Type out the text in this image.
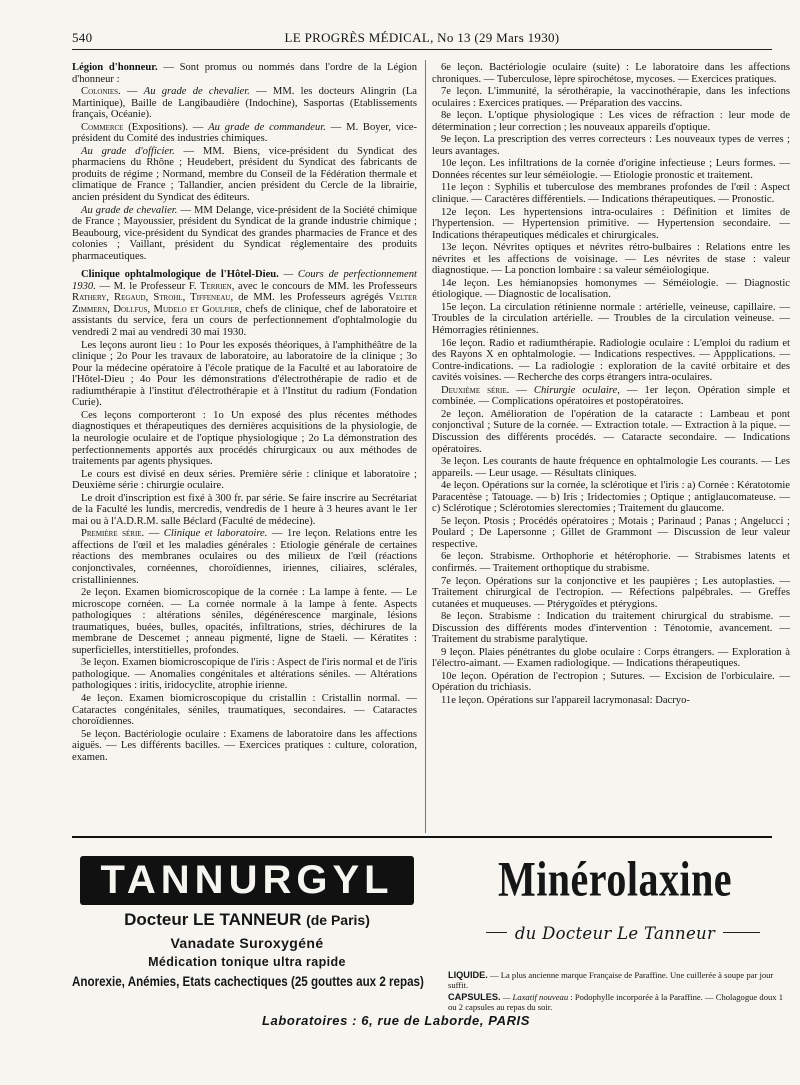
540	LE PROGRÈS MÉDICAL, No 13 (29 Mars 1930)

Légion d'honneur. — Sont promus ou nommés dans l'ordre de la Légion d'honneur :

Colonies. — Au grade de chevalier. — MM. les docteurs Alingrin (La Martinique), Baille de Langibaudière (Indochine), Sasportas (Etablissements français, Océanie).

Commerce (Expositions). — Au grade de commandeur. — M. Boyer, vice-président du Comité des industries chimiques.

Au grade d'officier. — MM. Biens, vice-président du Syndicat des pharmaciens du Rhône ; Heudebert, président du Syndicat des fabricants de produits de régime ; Normand, membre du Conseil de la Fédération thermale et climatique de France ; Tallandier, ancien président du Cercle de la librairie, ancien président du Syndicat des éditeurs.

Au grade de chevalier. — MM Delange, vice-président de la Société chimique de France ; Mayoussier, président du Syndicat de la grande industrie chimique ; Beaubourg, vice-président du Syndicat des grandes pharmacies de France et des colonies ; Vaillant, président du Syndicat réglementaire des produits pharmaceutiques.

Clinique ophtalmologique de l'Hôtel-Dieu. — Cours de perfectionnement 1930. — M. le Professeur F. Terrien, avec le concours de MM. les Professeurs Rathery, Regaud, Strohl, Tiffeneau, de MM. les Professeurs agrégés Velter Zimmern, Dollfus, Mudelo et Goulfier, chefs de clinique, chef de laboratoire et assistants du service, fera un cours de perfectionnement d'ophtalmologie du vendredi 2 mai au vendredi 30 mai 1930.

Les leçons auront lieu : 1o Pour les exposés théoriques, à l'amphithéâtre de la clinique ; 2o Pour les travaux de laboratoire, au laboratoire de la clinique ; 3o Pour la médecine opératoire à l'école pratique de la Faculté et au laboratoire de l'Hôtel-Dieu ; 4o Pour les démonstrations d'électrothérapie de radio et de radiumthérapie à l'institut d'électrothérapie et à l'Institut du radium (Fondation Curie).

Ces leçons comporteront : 1o Un exposé des plus récentes méthodes diagnostiques et thérapeutiques des dernières acquisitions de la physiologie, de la neurologie oculaire et de l'optique physiologique ; 2o La démonstration des perfectionnements apportés aux procédés chirurgicaux ou aux méthodes de traitements par agents physiques.

Le cours est divisé en deux séries. Première série : clinique et laboratoire ; Deuxième série : chirurgie oculaire.

Le droit d'inscription est fixé à 300 fr. par série. Se faire inscrire au Secrétariat de la Faculté les lundis, mercredis, vendredis de 1 heure à 3 heures avant le 1er mai ou à l'A.D.R.M. salle Béclard (Faculté de médecine).

Première série. — Clinique et laboratoire. — 1re leçon. Relations entre les affections de l'œil et les maladies générales : Etiologie générale de certaines réactions des membranes oculaires ou des milieux de l'œil (réactions conjonctivales, cornéennes, choroïdiennes, iriennes, ciliaires, sclérales, cristalliniennes.

2e leçon. Examen biomicroscopique de la cornée : La lampe à fente. — Le microscope cornéen. — La cornée normale à la lampe à fente. Aspects pathologiques : altérations séniles, dégénérescence marginale, lésions traumatiques, buées, bulles, opacités, infiltrations, stries, déchirures de la membrane de Descemet ; anneau pigmenté, ligne de Staeli. — Kératites : superficielles, interstitielles, profondes.

3e leçon. Examen biomicroscopique de l'iris : Aspect de l'iris normal et de l'iris pathologique. — Anomalies congénitales et altérations séniles. — Altérations pathologiques : iritis, iridocyclite, atrophie irienne.

4e leçon. Examen biomicroscopique du cristallin : Cristallin normal. — Cataractes congénitales, séniles, traumatiques, secondaires. — Cataractes choroïdiennes.

5e leçon. Bactériologie oculaire : Examens de laboratoire dans les affections aiguës. — Les différents bacilles. — Exercices pratiques : culture, coloration, examen.

6e leçon. Bactériologie oculaire (suite) : Le laboratoire dans les affections chroniques. — Tuberculose, lèpre spirochétose, mycoses. — Exercices pratiques.

7e leçon. L'immunité, la sérothérapie, la vaccinothérapie, dans les infections oculaires : Exercices pratiques. — Préparation des vaccins.

8e leçon. L'optique physiologique : Les vices de réfraction : leur mode de détermination ; leur correction ; les nouveaux appareils d'optique.

9e leçon. La prescription des verres correcteurs : Les nouveaux types de verres ; leurs avantages.

10e leçon. Les infiltrations de la cornée d'origine infectieuse ; Leurs formes. — Données récentes sur leur séméiologie. — Etiologie pronostic et traitement.

11e leçon : Syphilis et tuberculose des membranes profondes de l'œil : Aspect clinique. — Caractères différentiels. — Indications thérapeutiques. — Pronostic.

12e leçon. Les hypertensions intra-oculaires : Définition et limites de l'hypertension. — Hypertension primitive. — Hypertension secondaire. — Indications thérapeutiques médicales et chirurgicales.

13e leçon. Névrites optiques et névrites rétro-bulbaires : Relations entre les névrites et les affections de voisinage. — Les névrites de stase : valeur diagnostique. — La ponction lombaire : sa valeur séméiologique.

14e leçon. Les hémianopsies homonymes — Séméiologie. — Diagnostic étiologique. — Diagnostic de localisation.

15e leçon. La circulation rétinienne normale : artérielle, veineuse, capillaire. — Troubles de la circulation artérielle. — Troubles de la circulation veineuse. — Hémorragies rétiniennes.

16e leçon. Radio et radiumthérapie. Radiologie oculaire : L'emploi du radium et des Rayons X en ophtalmologie. — Indications respectives. — Appplications. — Contre-indications. — La radiologie : exploration de la cavité orbitaire et des cavités voisines. — Recherche des corps étrangers intra-oculaires.

Deuxième série. — Chirurgie oculaire, — 1er leçon. Opération simple et combinée. — Complications opératoires et postopératoires.

2e leçon. Amélioration de l'opération de la cataracte : Lambeau et pont conjonctival ; Suture de la cornée. — Extraction totale. — Extraction à la pique. — Discussion des différents procédés. — Cataracte secondaire. — Indications opératoires.

3e leçon. Les courants de haute fréquence en ophtalmologie Les courants. — Les appareils. — Leur usage. — Résultats cliniques.

4e leçon. Opérations sur la cornée, la sclérotique et l'iris : a) Cornée : Kératotomie Paracentèse ; Tatouage. — b) Iris ; Iridectomies ; Optique ; antiglaucomateuse. — c) Sclérotique ; Sclérotomies slerectomies ; Traitement du glaucome.

5e leçon. Ptosis ; Procédés opératoires ; Motais ; Parinaud ; Panas ; Angelucci ; Poulard ; De Lapersonne ; Gillet de Grammont — Discussion de leur valeur respective.

6e leçon. Strabisme. Orthophorie et hétérophorie. — Strabismes latents et confirmés. — Traitement orthoptique du strabisme.

7e leçon. Opérations sur la conjonctive et les paupières ; Les autoplasties. — Traitement chirurgical de l'ectropion. — Réfections palpébrales. — Greffes cutanées et muqueuses. — Ptérygoïdes et ptérygions.

8e leçon. Strabisme : Indication du traitement chirurgical du strabisme. — Discussion des différents modes d'intervention : Ténotomie, avancement. — Traitement du strabisme paralytique.

9 leçon. Plaies pénétrantes du globe oculaire : Corps étrangers. — Exploration à l'électro-aimant. — Examen radiologique. — Indications thérapeutiques.

10e leçon. Opération de l'ectropion ; Sutures. — Excision de l'orbiculaire. — Opération du trichiasis.

11e leçon. Opérations sur l'appareil lacrymonasal: Dacryo-

TANNURGYL
Docteur LE TANNEUR (de Paris)
Vanadate Suroxygéné
Médication tonique ultra rapide
Anorexie, Anémies, Etats cachectiques (25 gouttes aux 2 repas)
Minérolaxine
du Docteur Le Tanneur
LIQUIDE. — La plus ancienne marque Française de Paraffine. Une cuillerée à soupe par jour suffit.
CAPSULES. — Laxatif nouveau : Podophylle incorporée à la Paraffine. — Cholagogue doux 1 ou 2 capsules au repas du soir.
Laboratoires : 6, rue de Laborde, PARIS
